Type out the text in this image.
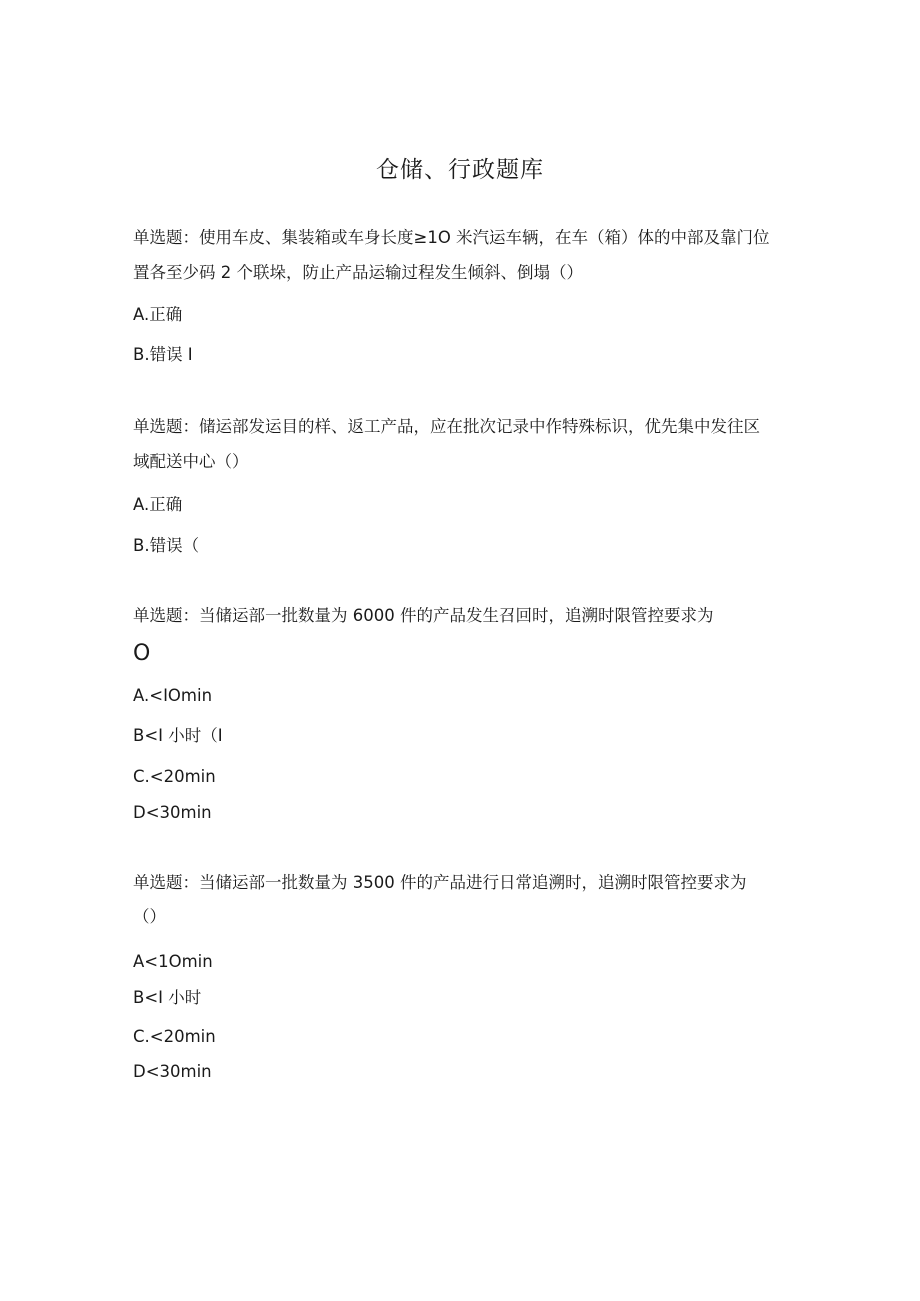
仓储、行政题库
单选题：使用车皮、集装箱或车身长度≥1O 米汽运车辆，在车（箱）体的中部及靠门位
置各至少码 2 个联垛，防止产品运输过程发生倾斜、倒塌（）
A.正确
B.错误 I
单选题：储运部发运目的样、返工产品，应在批次记录中作特殊标识，优先集中发往区
域配送中心（）
A.正确
B.错误（
单选题：当储运部一批数量为 6000 件的产品发生召回时，追溯时限管控要求为
O
A.<IOmin
B<I 小时（I
C.<20min
D<30min
单选题：当储运部一批数量为 3500 件的产品进行日常追溯时，追溯时限管控要求为
（）
A<1Omin
B<I 小时
C.<20min
D<30min
